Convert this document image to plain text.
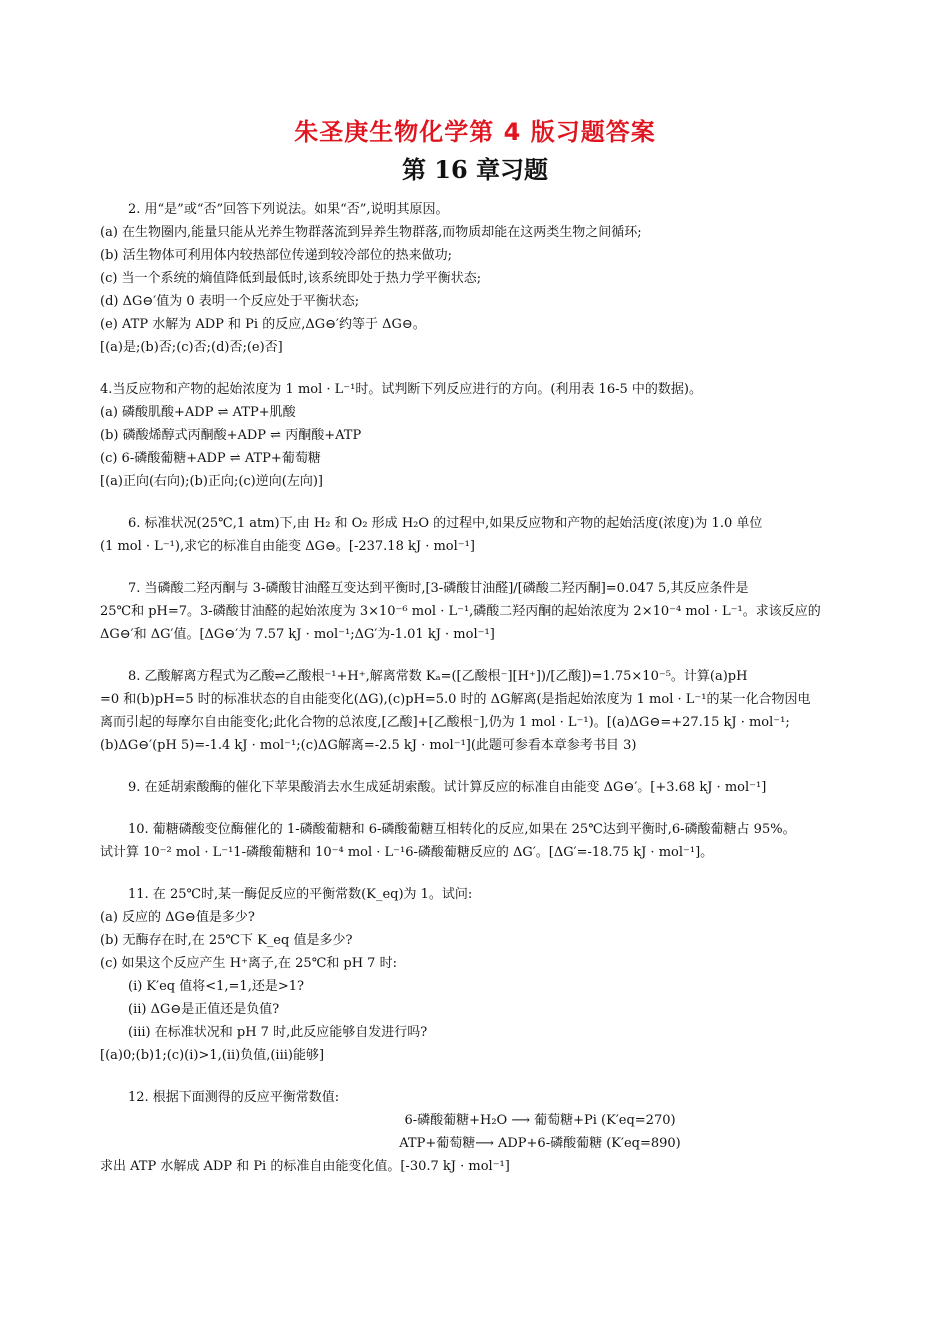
朱圣庚生物化学第 4 版习题答案
第 16 章习题
2. 用“是”或“否”回答下列说法。如果“否”,说明其原因。
(a) 在生物圈内,能量只能从光养生物群落流到异养生物群落,而物质却能在这两类生物之间循环;
(b) 活生物体可利用体内较热部位传递到较冷部位的热来做功;
(c) 当一个系统的熵值降低到最低时,该系统即处于热力学平衡状态;
(d) ΔG⊖′值为 0 表明一个反应处于平衡状态;
(e) ATP 水解为 ADP 和 Pi 的反应,ΔG⊖′约等于 ΔG⊖。
[(a)是;(b)否;(c)否;(d)否;(e)否]
4.当反应物和产物的起始浓度为 1 mol · L⁻¹时。试判断下列反应进行的方向。(利用表 16-5 中的数据)。
(a) 磷酸肌酸+ADP ⇌ ATP+肌酸
(b) 磷酸烯醇式丙酮酸+ADP ⇌ 丙酮酸+ATP
(c) 6-磷酸葡糖+ADP ⇌ ATP+葡萄糖
[(a)正向(右向);(b)正向;(c)逆向(左向)]
6. 标准状况(25℃,1 atm)下,由 H₂ 和 O₂ 形成 H₂O 的过程中,如果反应物和产物的起始活度(浓度)为 1.0 单位
(1 mol · L⁻¹),求它的标准自由能变 ΔG⊖。[-237.18 kJ · mol⁻¹]
7. 当磷酸二羟丙酮与 3-磷酸甘油醛互变达到平衡时,[3-磷酸甘油醛]/[磷酸二羟丙酮]=0.047 5,其反应条件是
25℃和 pH=7。3-磷酸甘油醛的起始浓度为 3×10⁻⁶ mol · L⁻¹,磷酸二羟丙酮的起始浓度为 2×10⁻⁴ mol · L⁻¹。求该反应的
ΔG⊖′和 ΔG′值。[ΔG⊖′为 7.57 kJ · mol⁻¹;ΔG′为-1.01 kJ · mol⁻¹]
8. 乙酸解离方程式为乙酸⇌乙酸根⁻¹+H⁺,解离常数 Kₐ=([乙酸根⁻][H⁺])/[乙酸])=1.75×10⁻⁵。计算(a)pH
=0 和(b)pH=5 时的标准状态的自由能变化(ΔG),(c)pH=5.0 时的 ΔG解离(是指起始浓度为 1 mol · L⁻¹的某一化合物因电
离而引起的每摩尔自由能变化;此化合物的总浓度,[乙酸]+[乙酸根⁻],仍为 1 mol · L⁻¹)。[(a)ΔG⊖=+27.15 kJ · mol⁻¹;
(b)ΔG⊖′(pH 5)=-1.4 kJ · mol⁻¹;(c)ΔG解离=-2.5 kJ · mol⁻¹](此题可参看本章参考书目 3)
9. 在延胡索酸酶的催化下苹果酸消去水生成延胡索酸。试计算反应的标准自由能变 ΔG⊖′。[+3.68 kJ · mol⁻¹]
10. 葡糖磷酸变位酶催化的 1-磷酸葡糖和 6-磷酸葡糖互相转化的反应,如果在 25℃达到平衡时,6-磷酸葡糖占 95%。
试计算 10⁻² mol · L⁻¹1-磷酸葡糖和 10⁻⁴ mol · L⁻¹6-磷酸葡糖反应的 ΔG′。[ΔG′=-18.75 kJ · mol⁻¹]。
11. 在 25℃时,某一酶促反应的平衡常数(K_eq)为 1。试问:
(a) 反应的 ΔG⊖值是多少?
(b) 无酶存在时,在 25℃下 K_eq 值是多少?
(c) 如果这个反应产生 H⁺离子,在 25℃和 pH 7 时:
(i) K′eq 值将<1,=1,还是>1?
(ii) ΔG⊖是正值还是负值?
(iii) 在标准状况和 pH 7 时,此反应能够自发进行吗?
[(a)0;(b)1;(c)(i)>1,(ii)负值,(iii)能够]
12. 根据下面测得的反应平衡常数值:
6-磷酸葡糖+H₂O ⟶ 葡萄糖+Pi (K′eq=270)
ATP+葡萄糖⟶ ADP+6-磷酸葡糖 (K′eq=890)
求出 ATP 水解成 ADP 和 Pi 的标准自由能变化值。[-30.7 kJ · mol⁻¹]
